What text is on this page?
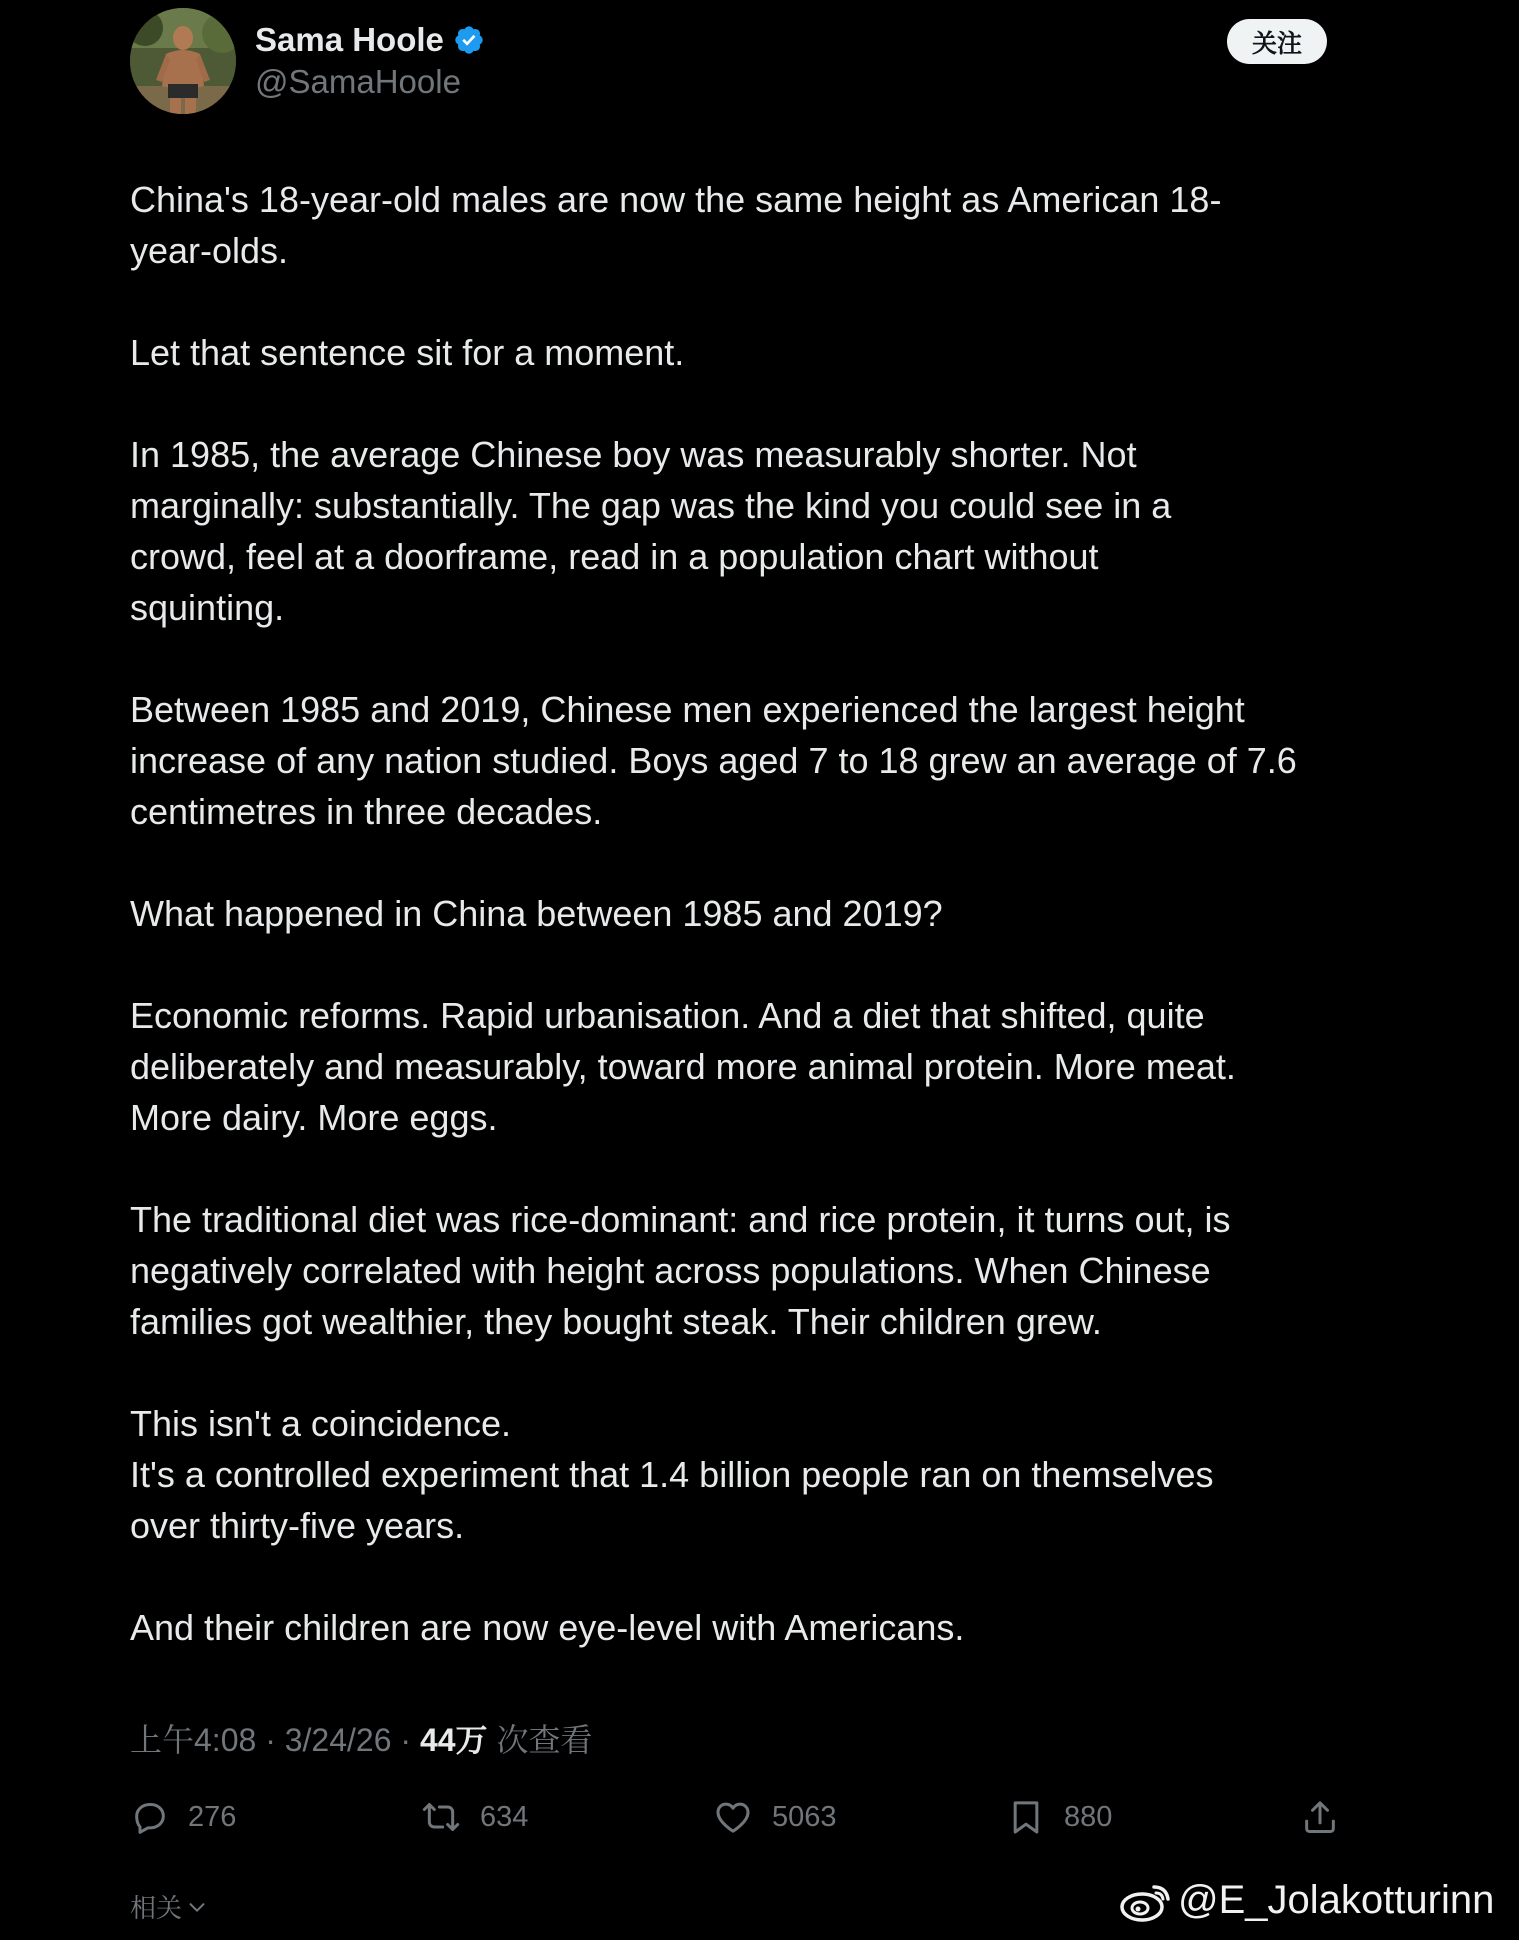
Sama Hoole
@SamaHoole
关注

China's 18-year-old males are now the same height as American 18-
year-olds.

Let that sentence sit for a moment.

In 1985, the average Chinese boy was measurably shorter. Not
marginally: substantially. The gap was the kind you could see in a
crowd, feel at a doorframe, read in a population chart without
squinting.

Between 1985 and 2019, Chinese men experienced the largest height
increase of any nation studied. Boys aged 7 to 18 grew an average of 7.6
centimetres in three decades.

What happened in China between 1985 and 2019?

Economic reforms. Rapid urbanisation. And a diet that shifted, quite
deliberately and measurably, toward more animal protein. More meat.
More dairy. More eggs.

The traditional diet was rice-dominant: and rice protein, it turns out, is
negatively correlated with height across populations. When Chinese
families got wealthier, they bought steak. Their children grew.

This isn't a coincidence.
It's a controlled experiment that 1.4 billion people ran on themselves
over thirty-five years.

And their children are now eye-level with Americans.

上午4:08 · 3/24/26 · 44万 次查看
276	634	5063	880
相关	@E_Jolakotturinn
